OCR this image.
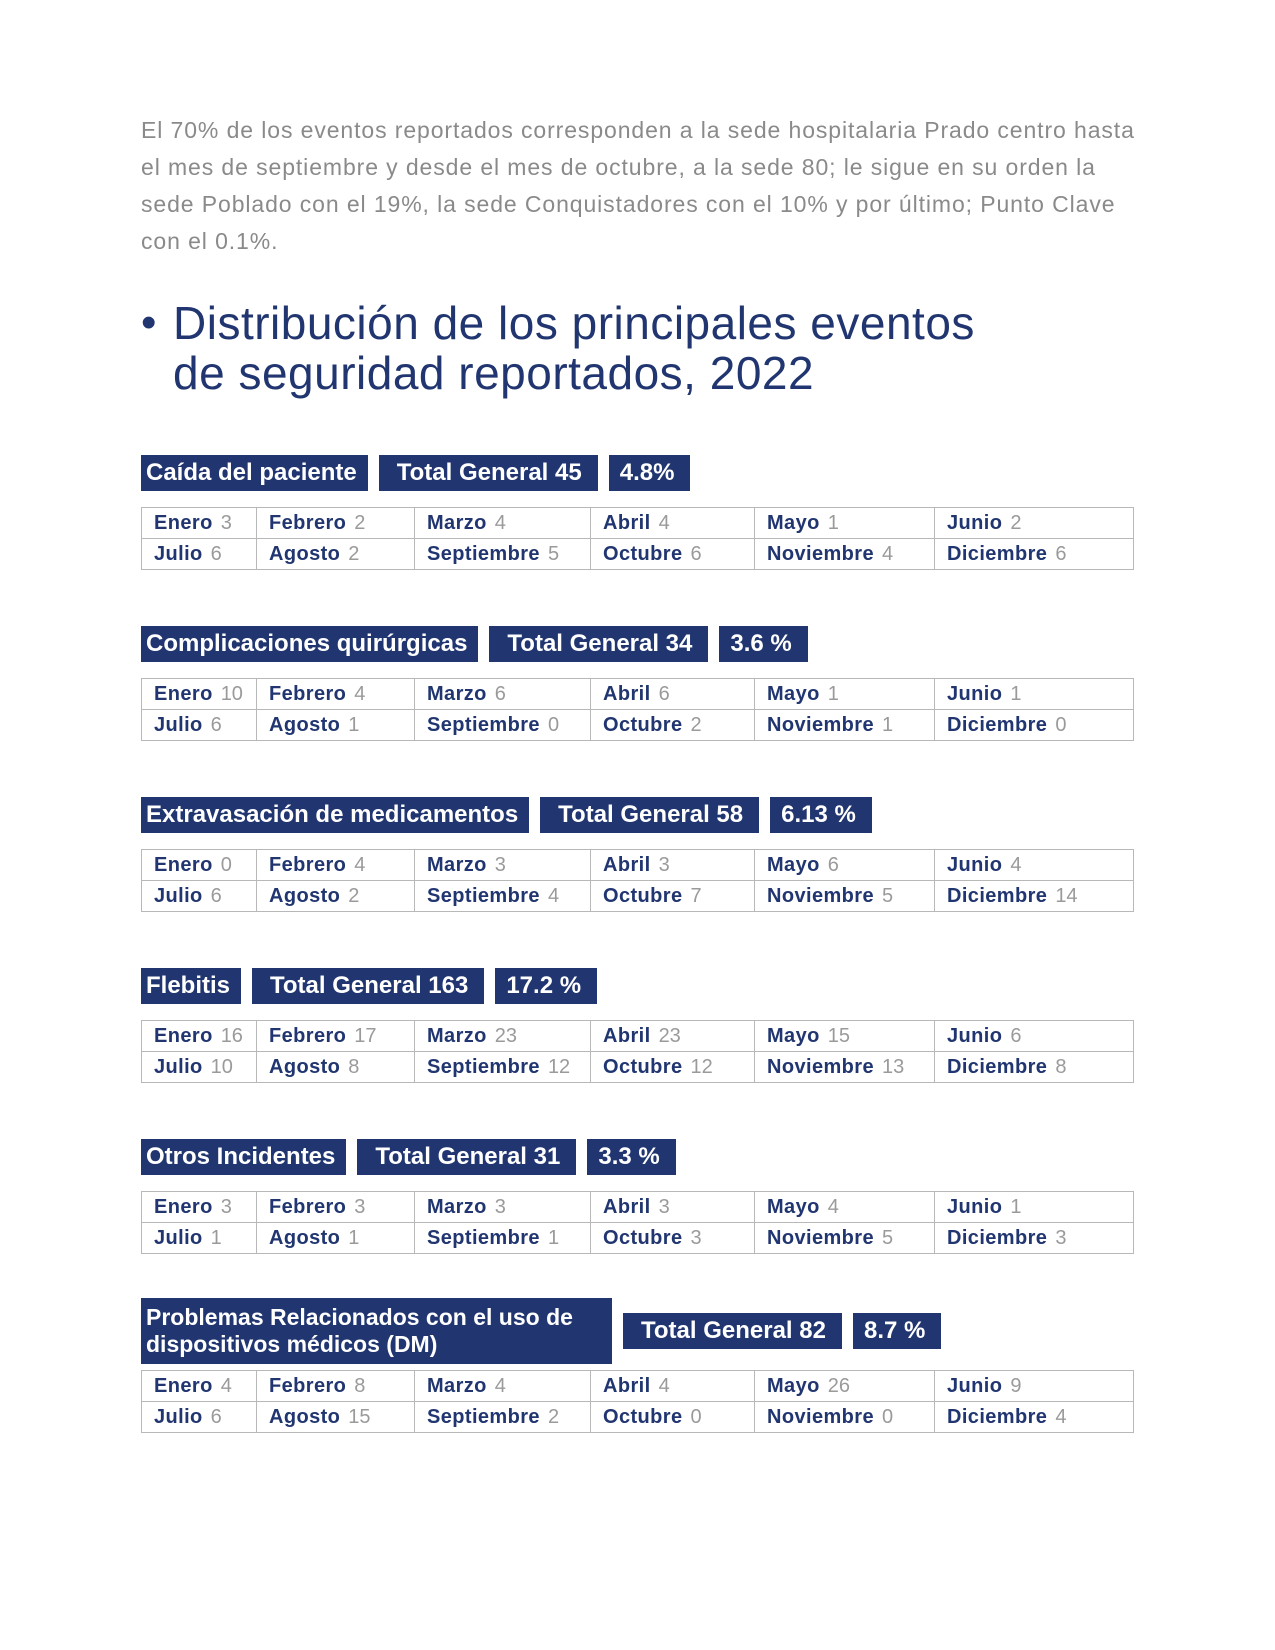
El 70% de los eventos reportados corresponden a la sede hospitalaria Prado centro hasta el mes de septiembre y desde el mes de octubre, a la sede 80; le sigue en su orden la sede Poblado con el 19%, la sede Conquistadores con el 10% y por último; Punto Clave con el 0.1%.

• Distribución de los principales eventos
de seguridad reportados, 2022
Caída del paciente	Total General 45	4.8%
Enero 3	Febrero 2	Marzo 4	Abril 4	Mayo 1	Junio 2
Julio 6	Agosto 2	Septiembre 5	Octubre 6	Noviembre 4	Diciembre 6
Complicaciones quirúrgicas	Total General 34	3.6 %
Enero 10	Febrero 4	Marzo 6	Abril 6	Mayo 1	Junio 1
Julio 6	Agosto 1	Septiembre 0	Octubre 2	Noviembre 1	Diciembre 0
Extravasación de medicamentos	Total General 58	6.13 %
Enero 0	Febrero 4	Marzo 3	Abril 3	Mayo 6	Junio 4
Julio 6	Agosto 2	Septiembre 4	Octubre 7	Noviembre 5	Diciembre 14
Flebitis	Total General 163	17.2 %
Enero 16	Febrero 17	Marzo 23	Abril 23	Mayo 15	Junio 6
Julio 10	Agosto 8	Septiembre 12	Octubre 12	Noviembre 13	Diciembre 8
Otros Incidentes	Total General 31	3.3 %
Enero 3	Febrero 3	Marzo 3	Abril 3	Mayo 4	Junio 1
Julio 1	Agosto 1	Septiembre 1	Octubre 3	Noviembre 5	Diciembre 3
Problemas Relacionados con el uso de dispositivos médicos (DM)	Total General 82	8.7 %
Enero 4	Febrero 8	Marzo 4	Abril 4	Mayo 26	Junio 9
Julio 6	Agosto 15	Septiembre 2	Octubre 0	Noviembre 0	Diciembre 4
